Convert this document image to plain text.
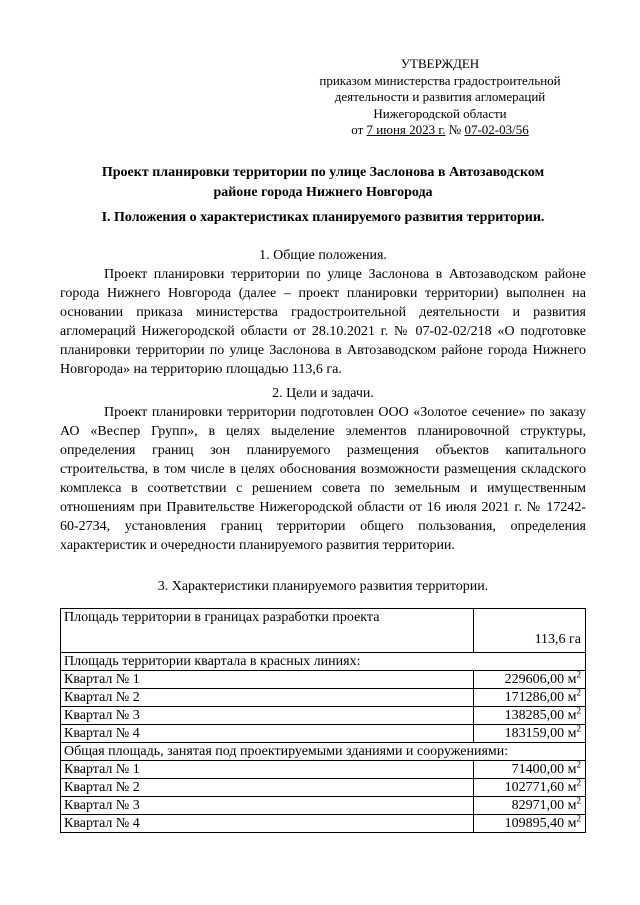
УТВЕРЖДЕН
приказом министерства градостроительной
деятельности и развития агломераций
Нижегородской области
от 7 июня 2023 г. № 07-02-03/56
Проект планировки территории по улице Заслонова в Автозаводском
районе города Нижнего Новгорода
I. Положения о характеристиках планируемого развития территории.
1. Общие положения.

Проект планировки территории по улице Заслонова в Автозаводском районе города Нижнего Новгорода (далее – проект планировки территории) выполнен на основании приказа министерства градостроительной деятельности и развития агломераций Нижегородской области от 28.10.2021 г. № 07-02-02/218 «О подготовке планировки территории по улице Заслонова в Автозаводском районе города Нижнего Новгорода» на территорию площадью 113,6 га.

2. Цели и задачи.

Проект планировки территории подготовлен ООО «Золотое сечение» по заказу АО «Веспер Групп», в целях выделение элементов планировочной структуры, определения границ зон планируемого размещения объектов капитального строительства, в том числе в целях обоснования возможности размещения складского комплекса в соответствии с решением совета по земельным и имущественным отношениям при Правительстве Нижегородской области от 16 июля 2021 г. № 17242-60-2734, установления границ территории общего пользования, определения характеристик и очередности планируемого развития территории.

3. Характеристики планируемого развития территории.
Площадь территории в границах разработки проекта	113,6 га
Площадь территории квартала в красных линиях:	
Квартал № 1	229606,00 $м^2$
Квартал № 2	171286,00 $м^2$
Квартал № 3	138285,00 $м^2$
Квартал № 4	183159,00 $м^2$
Общая площадь, занятая под проектируемыми зданиями и сооружениями:	
Квартал № 1	71400,00 $м^2$
Квартал № 2	102771,60 $м^2$
Квартал № 3	82971,00 $м^2$
Квартал № 4	109895,40 $м^2$
